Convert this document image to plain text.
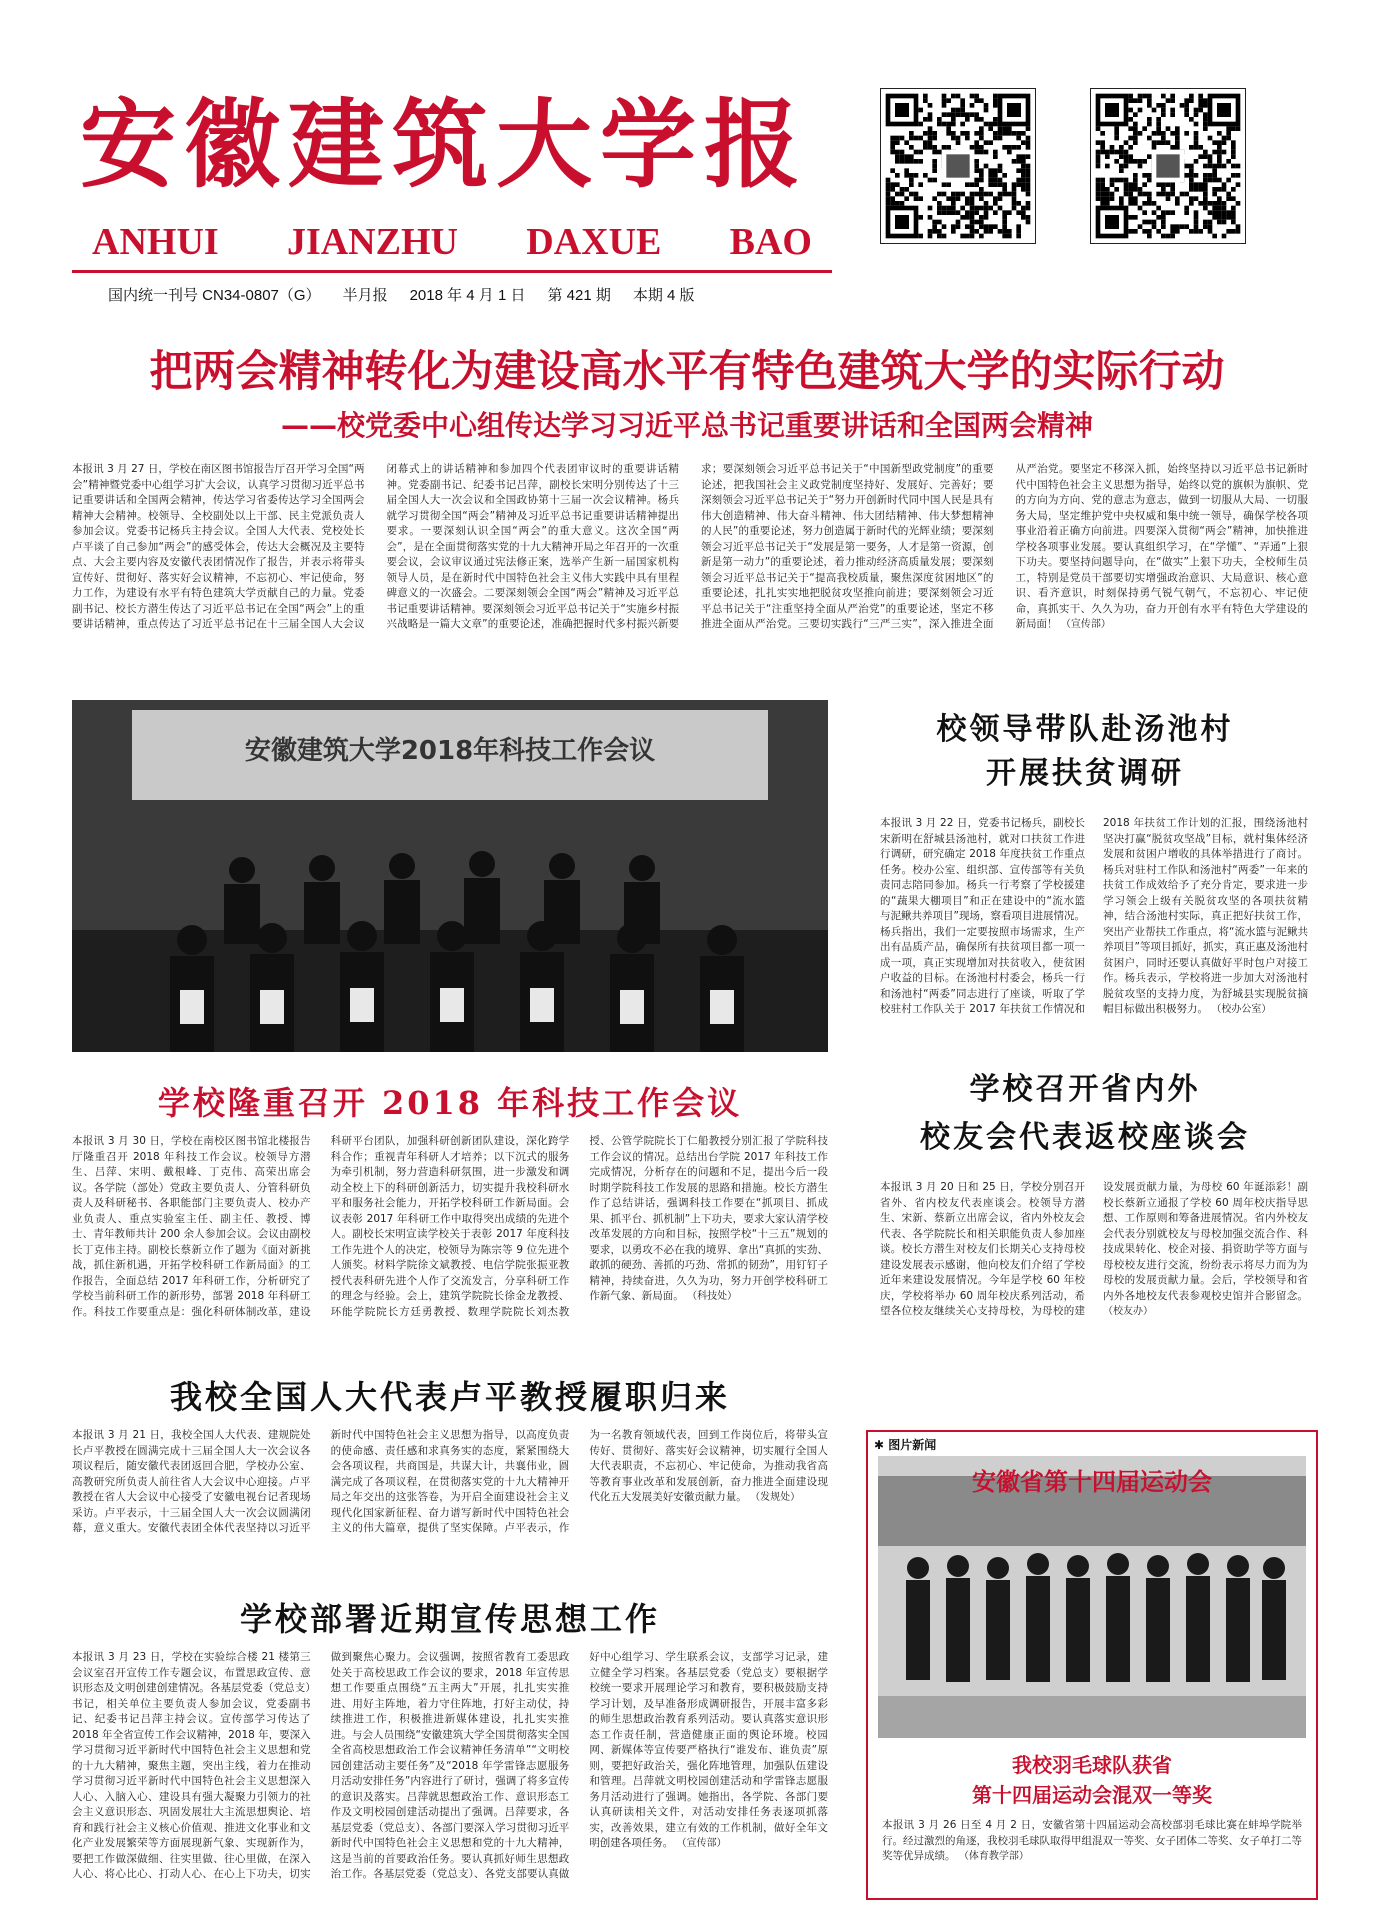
安徽建筑大学报
ANHUI JIANZHU DAXUE BAO
国内统一刊号 CN34-0807（G） 半月报 2018 年 4 月 1 日 第 421 期 本期 4 版
把两会精神转化为建设高水平有特色建筑大学的实际行动
——校党委中心组传达学习习近平总书记重要讲话和全国两会精神
本报讯 3 月 27 日，学校在南区图书馆报告厅召开学习全国“两会”精神暨党委中心组学习扩大会议，认真学习贯彻习近平总书记重要讲话和全国两会精神，传达学习省委传达学习全国两会精神大会精神。校领导、全校副处以上干部、民主党派负责人参加会议。党委书记杨兵主持会议。全国人大代表、党校处长卢平谈了自己参加“两会”的感受体会，传达大会概况及主要特点、大会主要内容及安徽代表团情况作了报告，并表示将带头宣传好、贯彻好、落实好会议精神，不忘初心、牢记使命，努力工作，为建设有水平有特色建筑大学贡献自己的力量。党委副书记、校长方潜生传达了习近平总书记在全国“两会”上的重要讲话精神，重点传达了习近平总书记在十三届全国人大会议闭幕式上的讲话精神和参加四个代表团审议时的重要讲话精神。党委副书记、纪委书记吕萍，副校长宋明分别传达了十三届全国人大一次会议和全国政协第十三届一次会议精神。杨兵就学习贯彻全国“两会”精神及习近平总书记重要讲话精神提出要求。一要深刻认识全国“两会”的重大意义。这次全国“两会”，是在全面贯彻落实党的十九大精神开局之年召开的一次重要会议，会议审议通过宪法修正案，选举产生新一届国家机构领导人员，是在新时代中国特色社会主义伟大实践中具有里程碑意义的一次盛会。二要深刻领会全国“两会”精神及习近平总书记重要讲话精神。要深刻领会习近平总书记关于“实施乡村振兴战略是一篇大文章”的重要论述，准确把握时代多村振兴新要求；要深刻领会习近平总书记关于“中国新型政党制度”的重要论述，把我国社会主义政党制度坚持好、发展好、完善好；要深刻领会习近平总书记关于“努力开创新时代同中国人民是具有伟大创造精神、伟大奋斗精神、伟大团结精神、伟大梦想精神的人民”的重要论述，努力创造属于新时代的光辉业绩；要深刻领会习近平总书记关于“发展是第一要务，人才是第一资源，创新是第一动力”的重要论述，着力推动经济高质量发展；要深刻领会习近平总书记关于“提高我校质量，聚焦深度贫困地区”的重要论述，扎扎实实地把脱贫攻坚推向前进；要深刻领会习近平总书记关于“注重坚持全面从严治党”的重要论述，坚定不移推进全面从严治党。三要切实践行“三严三实”，深入推进全面从严治党。要坚定不移深入抓，始终坚持以习近平总书记新时代中国特色社会主义思想为指导，始终以党的旗帜为旗帜、党的方向为方向、党的意志为意志，做到一切服从大局、一切服务大局，坚定维护党中央权威和集中统一领导，确保学校各项事业沿着正确方向前进。四要深入贯彻“两会”精神，加快推进学校各项事业发展。要认真组织学习，在“学懂”、“弄通”上狠下功夫。要坚持问题导向，在“做实”上狠下功夫，全校师生员工，特别是党员干部要切实增强政治意识、大局意识、核心意识、看齐意识，时刻保持勇气锐气朝气，不忘初心、牢记使命，真抓实干、久久为功，奋力开创有水平有特色大学建设的新局面！ （宣传部）
安徽建筑大学2018年科技工作会议
校领导带队赴汤池村
开展扶贫调研
本报讯 3 月 22 日，党委书记杨兵，副校长宋新明在舒城县汤池村，就对口扶贫工作进行调研，研究确定 2018 年度扶贫工作重点任务。校办公室、组织部、宣传部等有关负责同志陪同参加。杨兵一行考察了学校援建的“蔬果大棚项目”和正在建设中的“流水篮与泥鳅共养项目”现场，察看项目进展情况。杨兵指出，我们一定要按照市场需求，生产出有品质产品，确保所有扶贫项目都一项一成一项，真正实现增加对扶贫收入，使贫困户收益的目标。在汤池村村委会，杨兵一行和汤池村“两委”同志进行了座谈，听取了学校驻村工作队关于 2017 年扶贫工作情况和 2018 年扶贫工作计划的汇报，围绕汤池村坚决打赢“脱贫攻坚战”目标，就村集体经济发展和贫困户增收的具体举措进行了商讨。杨兵对驻村工作队和汤池村“两委”一年来的扶贫工作成效给予了充分肯定，要求进一步学习领会上级有关脱贫攻坚的各项扶贫精神，结合汤池村实际，真正把好扶贫工作，突出产业帮扶工作重点，将“流水篮与泥鳅共养项目”等项目抓好，抓实，真正惠及汤池村贫困户，同时还要认真做好平时包户对接工作。杨兵表示，学校将进一步加大对汤池村脱贫攻坚的支持力度，为舒城县实现脱贫摘帽目标做出积极努力。 （校办公室）
学校隆重召开 2018 年科技工作会议
本报讯 3 月 30 日，学校在南校区图书馆北楼报告厅隆重召开 2018 年科技工作会议。校领导方潜生、吕萍、宋明、戴根峰、丁克伟、高荣出席会议。各学院（部处）党政主要负责人、分管科研负责人及科研秘书、各职能部门主要负责人、校办产业负责人、重点实验室主任、副主任、教授、博士、青年教师共计 200 余人参加会议。会议由副校长丁克伟主持。副校长蔡新立作了题为《面对新挑战，抓住新机遇，开拓学校科研工作新局面》的工作报告，全面总结 2017 年科研工作，分析研究了学校当前科研工作的新形势，部署 2018 年科研工作。科技工作要重点是：强化科研体制改革，建设科研平台团队，加强科研创新团队建设，深化跨学科合作；重视青年科研人才培养；以下沉式的服务为牵引机制，努力营造科研氛围，进一步激发和调动全校上下的科研创新活力，切实提升我校科研水平和服务社会能力，开拓学校科研工作新局面。会议表彰 2017 年科研工作中取得突出成绩的先进个人。副校长宋明宣读学校关于表彰 2017 年度科技工作先进个人的决定，校领导为陈宗等 9 位先进个人颁奖。材料学院徐文斌教授、电信学院张振亚教授代表科研先进个人作了交流发言，分享科研工作的理念与经验。会上，建筑学院院长徐金龙教授、环能学院院长方廷勇教授、数理学院院长刘杰教授、公管学院院长丁仁船教授分别汇报了学院科技工作会议的情况。总结出台学院 2017 年科技工作完成情况，分析存在的问题和不足，提出今后一段时期学院科技工作发展的思路和措施。校长方潜生作了总结讲话，强调科技工作要在“抓项目、抓成果、抓平台、抓机制”上下功夫，要求大家认清学校改革发展的方向和目标，按照学校“十三五”规划的要求，以勇攻不必在我的境界、拿出“真抓的实劲、敢抓的硬劲、善抓的巧劲、常抓的韧劲”，用钉钉子精神，持续奋进，久久为功，努力开创学校科研工作新气象、新局面。 （科技处）
学校召开省内外
校友会代表返校座谈会
本报讯 3 月 20 日和 25 日，学校分别召开省外、省内校友代表座谈会。校领导方潜生、宋新、蔡新立出席会议，省内外校友会代表、各学院院长和相关职能负责人参加座谈。校长方潜生对校友们长期关心支持母校建设发展表示感谢，他向校友们介绍了学校近年来建设发展情况。今年是学校 60 年校庆，学校将举办 60 周年校庆系列活动，希望各位校友继续关心支持母校，为母校的建设发展贡献力量，为母校 60 年诞添彩！副校长蔡新立通报了学校 60 周年校庆指导思想、工作原则和筹备进展情况。省内外校友会代表分别就校友与母校加强交流合作、科技成果转化、校企对接、捐资助学等方面与母校校友进行交流，纷纷表示将尽力而为为母校的发展贡献力量。会后，学校领导和省内外各地校友代表参观校史馆并合影留念。 （校友办）
我校全国人大代表卢平教授履职归来
本报讯 3 月 21 日，我校全国人大代表、建规院处长卢平教授在圆满完成十三届全国人大一次会议各项议程后，随安徽代表团返回合肥，学校办公室、高教研究所负责人前往省人大会议中心迎接。卢平教授在省人大会议中心接受了安徽电视台记者现场采访。卢平表示，十三届全国人大一次会议圆满闭幕，意义重大。安徽代表团全体代表坚持以习近平新时代中国特色社会主义思想为指导，以高度负责的使命感、责任感和求真务实的态度，紧紧围绕大会各项议程，共商国是，共谋大计，共襄伟业，圆满完成了各项议程，在贯彻落实党的十九大精神开局之年交出的这张答卷，为开启全面建设社会主义现代化国家新征程、奋力谱写新时代中国特色社会主义的伟大篇章，提供了坚实保障。卢平表示，作为一名教育领域代表，回到工作岗位后，将带头宣传好、贯彻好、落实好会议精神，切实履行全国人大代表职责，不忘初心、牢记使命，为推动我省高等教育事业改革和发展创新，奋力推进全面建设现代化五大发展美好安徽贡献力量。 （发规处）
学校部署近期宣传思想工作
本报讯 3 月 23 日，学校在实验综合楼 21 楼第三会议室召开宣传工作专题会议，布置思政宣传、意识形态及文明创建创建情况。各基层党委（党总支）书记，相关单位主要负责人参加会议，党委副书记、纪委书记吕萍主持会议。宣传部学习传达了 2018 年全省宣传工作会议精神，2018 年，要深入学习贯彻习近平新时代中国特色社会主义思想和党的十九大精神，聚焦主题，突出主线，着力在推动学习贯彻习近平新时代中国特色社会主义思想深入人心、入脑入心、建设具有强大凝聚力引领力的社会主义意识形态、巩固发展壮大主流思想舆论、培育和践行社会主义核心价值观、推进文化事业和文化产业发展繁荣等方面展现新气象、实现新作为，要把工作做深做细、往实里做、往心里做，在深入人心、将心比心、打动人心、在心上下功夫，切实做到聚焦心聚力。会议强调，按照省教育工委思政处关于高校思政工作会议的要求，2018 年宣传思想工作要重点围绕“五主两大”开展，扎扎实实推进、用好主阵地，着力守住阵地，打好主动仗，持续推进工作，积极推进新媒体建设，扎扎实实推进。与会人员围绕“安徽建筑大学全国贯彻落实全国全省高校思想政治工作会议精神任务清单”“文明校园创建活动主要任务”及“2018 年学雷锋志愿服务月活动安排任务”内容进行了研讨，强调了将多宣传的意识及落实。吕萍就思想政治工作、意识形态工作及文明校园创建活动提出了强调。吕萍要求，各基层党委（党总支）、各部门要深入学习贯彻习近平新时代中国特色社会主义思想和党的十九大精神，这是当前的首要政治任务。要认真抓好师生思想政治工作。各基层党委（党总支）、各党支部要认真做好中心组学习、学生联系会议，支部学习记录，建立健全学习档案。各基层党委（党总支）要根据学校统一要求开展理论学习和教育，要积极鼓励支持学习计划，及早准备形成调研报告，开展丰富多彩的师生思想政治教育系列活动。要认真落实意识形态工作责任制，营造健康正面的舆论环境。校园网、新媒体等宣传要严格执行“谁发布、谁负责”原则，要把好政治关，强化阵地管理，加强队伍建设和管理。吕萍就文明校园创建活动和学雷锋志愿服务月活动进行了强调。她指出，各学院、各部门要认真研读相关文件，对活动安排任务表逐项抓落实，改善效果，建立有效的工作机制，做好全年文明创建各项任务。 （宣传部）
✱ 图片新闻
安徽省第十四届运动会
我校羽毛球队获省
第十四届运动会混双一等奖
本报讯 3 月 26 日至 4 月 2 日，安徽省第十四届运动会高校部羽毛球比赛在蚌埠学院举行。经过激烈的角逐，我校羽毛球队取得甲组混双一等奖、女子团体二等奖、女子单打二等奖等优异成绩。 （体育教学部）
